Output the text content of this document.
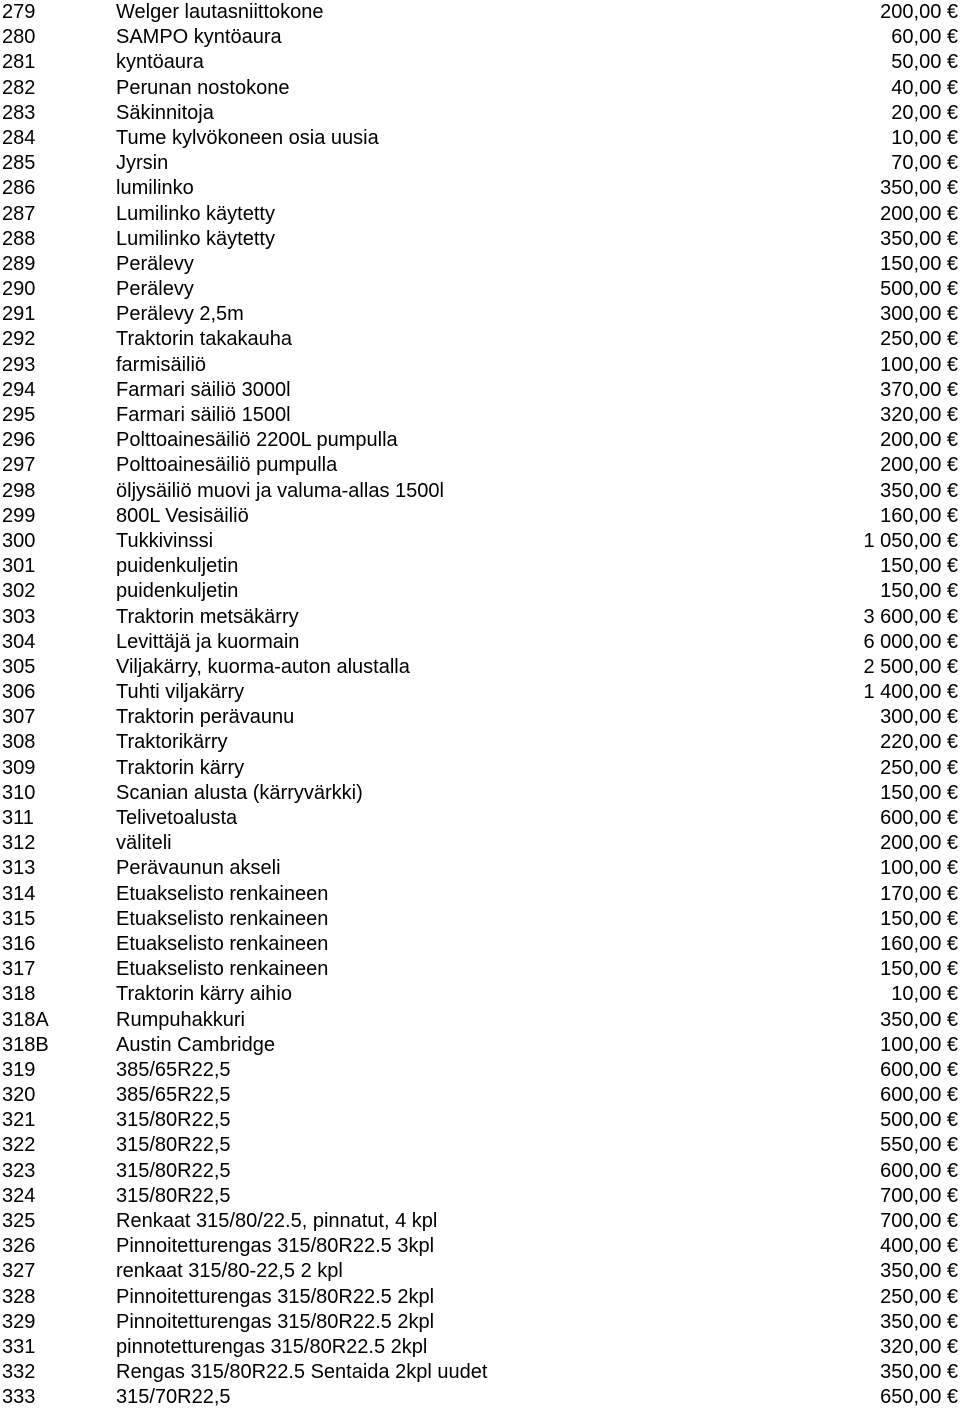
279	Welger lautasniittokone	200,00 €
280	SAMPO kyntöaura	60,00 €
281	kyntöaura	50,00 €
282	Perunan nostokone	40,00 €
283	Säkinnitoja	20,00 €
284	Tume kylvökoneen osia uusia	10,00 €
285	Jyrsin	70,00 €
286	lumilinko	350,00 €
287	Lumilinko käytetty	200,00 €
288	Lumilinko käytetty	350,00 €
289	Perälevy	150,00 €
290	Perälevy	500,00 €
291	Perälevy 2,5m	300,00 €
292	Traktorin takakauha	250,00 €
293	farmisäiliö	100,00 €
294	Farmari säiliö 3000l	370,00 €
295	Farmari säiliö 1500l	320,00 €
296	Polttoainesäiliö 2200L pumpulla	200,00 €
297	Polttoainesäiliö pumpulla	200,00 €
298	öljysäiliö muovi ja valuma-allas 1500l	350,00 €
299	800L Vesisäiliö	160,00 €
300	Tukkivinssi	1 050,00 €
301	puidenkuljetin	150,00 €
302	puidenkuljetin	150,00 €
303	Traktorin metsäkärry	3 600,00 €
304	Levittäjä ja kuormain	6 000,00 €
305	Viljakärry, kuorma-auton alustalla	2 500,00 €
306	Tuhti viljakärry	1 400,00 €
307	Traktorin perävaunu	300,00 €
308	Traktorikärry	220,00 €
309	Traktorin kärry	250,00 €
310	Scanian alusta (kärryvärkki)	150,00 €
311	Telivetoalusta	600,00 €
312	väliteli	200,00 €
313	Perävaunun akseli	100,00 €
314	Etuakselisto renkaineen	170,00 €
315	Etuakselisto renkaineen	150,00 €
316	Etuakselisto renkaineen	160,00 €
317	Etuakselisto renkaineen	150,00 €
318	Traktorin kärry aihio	10,00 €
318A	Rumpuhakkuri	350,00 €
318B	Austin Cambridge	100,00 €
319	385/65R22,5	600,00 €
320	385/65R22,5	600,00 €
321	315/80R22,5	500,00 €
322	315/80R22,5	550,00 €
323	315/80R22,5	600,00 €
324	315/80R22,5	700,00 €
325	Renkaat 315/80/22.5, pinnatut, 4 kpl	700,00 €
326	Pinnoitetturengas 315/80R22.5 3kpl	400,00 €
327	renkaat 315/80-22,5 2 kpl	350,00 €
328	Pinnoitetturengas 315/80R22.5 2kpl	250,00 €
329	Pinnoitetturengas 315/80R22.5 2kpl	350,00 €
331	pinnotetturengas 315/80R22.5 2kpl	320,00 €
332	Rengas 315/80R22.5 Sentaida 2kpl uudet	350,00 €
333	315/70R22,5	650,00 €
